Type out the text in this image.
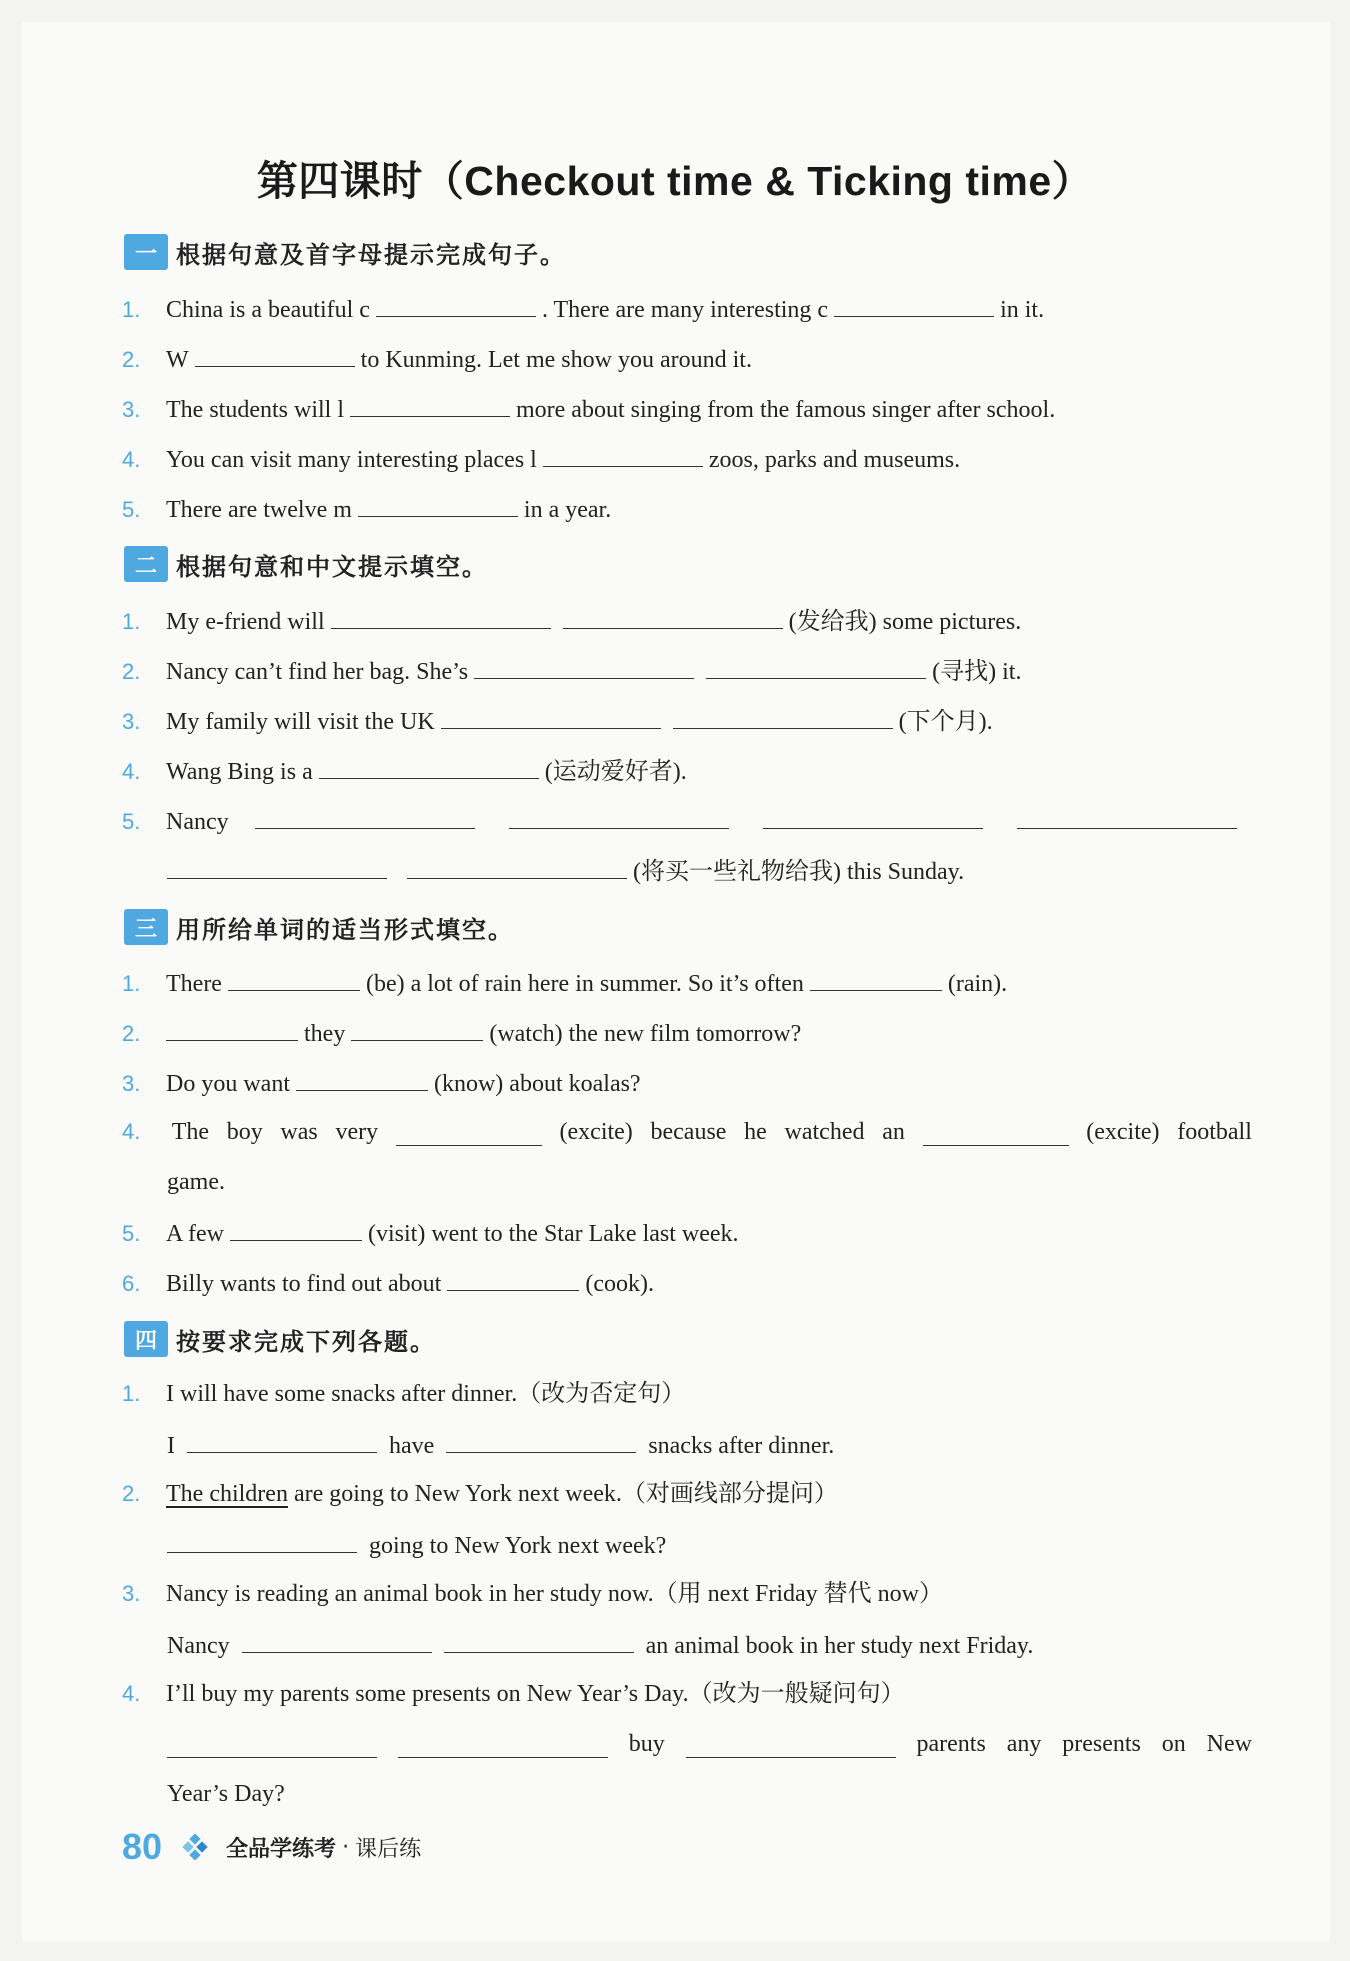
第四课时（Checkout time & Ticking time）
一 根据句意及首字母提示完成句子。
1. China is a beautiful c	. There are many interesting c	in it.
2. W	to Kunming. Let me show you around it.
3. The students will l	more about singing from the famous singer after school.
4. You can visit many interesting places l	zoos, parks and museums.
5. There are twelve m	in a year.
二 根据句意和中文提示填空。
1. My e-friend will	(发给我) some pictures.
2. Nancy can’t find her bag. She’s	(寻找) it.
3. My family will visit the UK	(下个月).
4. Wang Bing is a	(运动爱好者).
5. Nancy
(将买一些礼物给我) this Sunday.
三 用所给单词的适当形式填空。
1. There	(be) a lot of rain here in summer. So it’s often	(rain).
2.	they	(watch) the new film tomorrow?
3. Do you want	(know) about koalas?
4.	The boy was very	(excite) because he watched an	(excite) football
game.
5. A few	(visit) went to the Star Lake last week.
6. Billy wants to find out about	(cook).
四 按要求完成下列各题。
1. I will have some snacks after dinner.（改为否定句）
I	have	snacks after dinner.
2. The children are going to New York next week.（对画线部分提问）
going to New York next week?
3. Nancy is reading an animal book in her study now.（用 next Friday 替代 now）
Nancy	an animal book in her study next Friday.
4. I’ll buy my parents some presents on New Year’s Day.（改为一般疑问句）
buy	parents any presents on New
Year’s Day?
80	全品学练考 · 课后练
